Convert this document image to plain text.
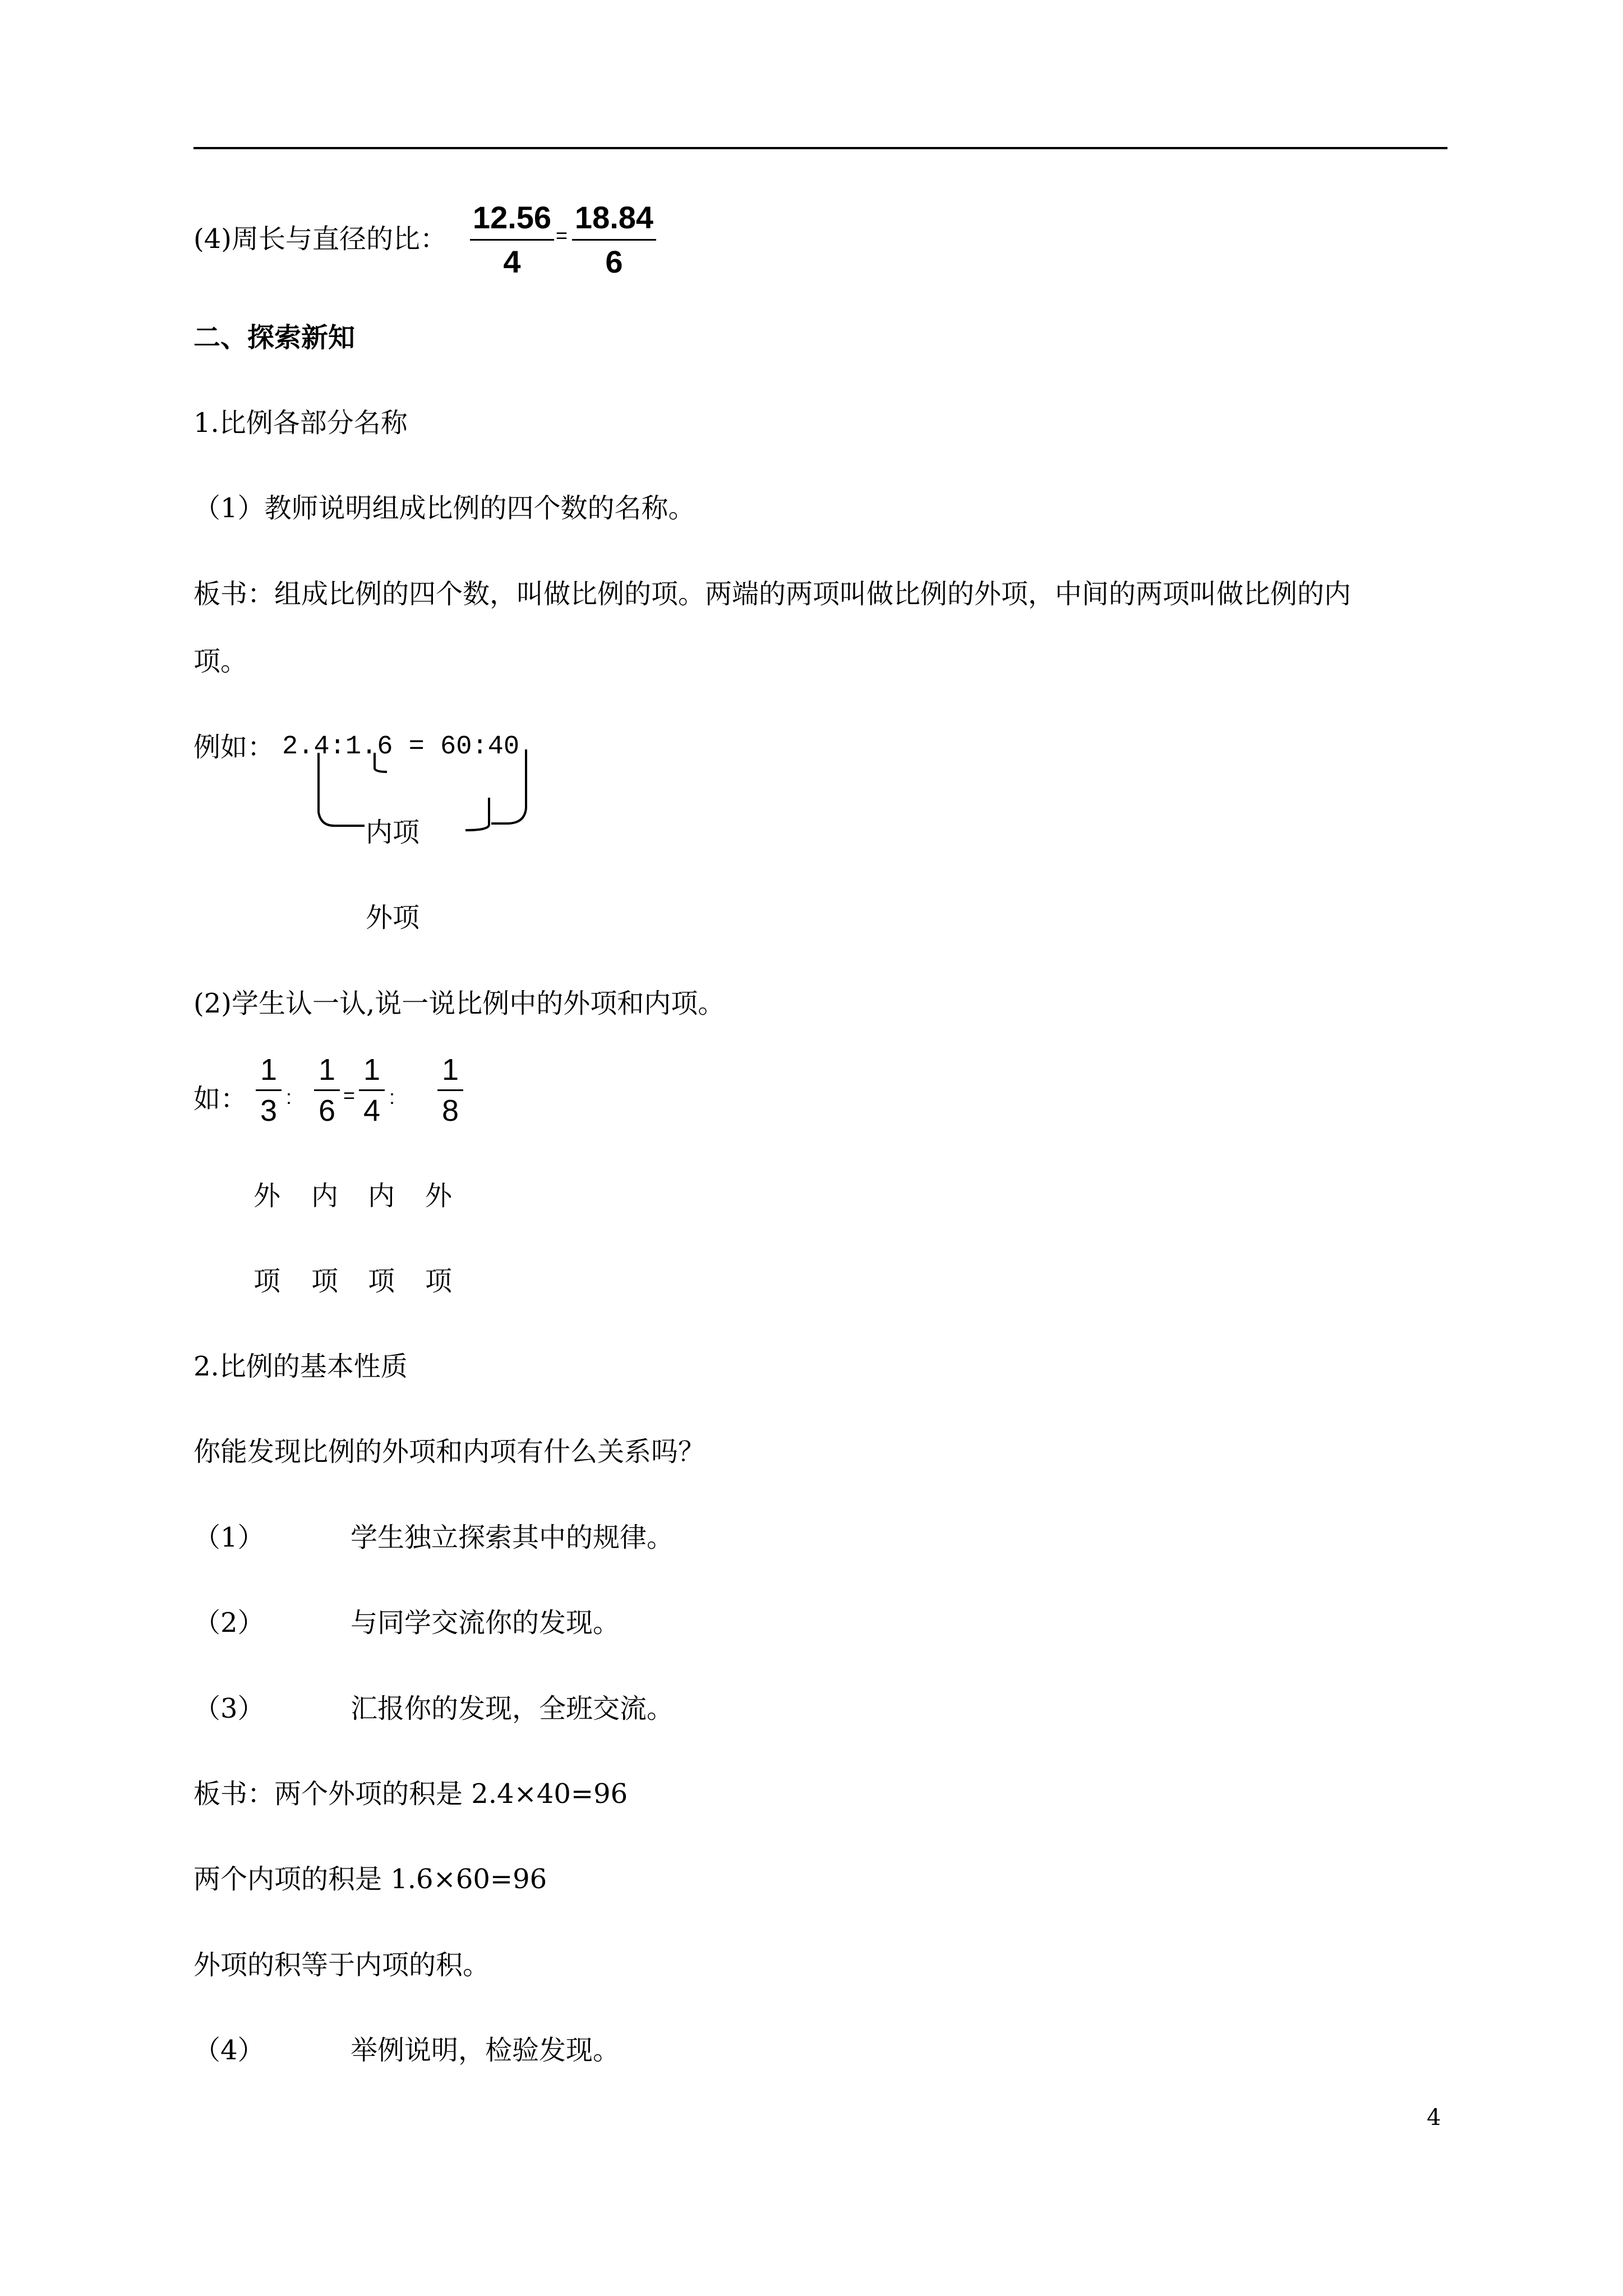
(4)周长与直径的比：
12.56
4
=
18.84
6
二、探索新知
1.比例各部分名称
（1）教师说明组成比例的四个数的名称。
板书：组成比例的四个数，叫做比例的项。两端的两项叫做比例的外项，中间的两项叫做比例的内
项。
例如： 2.4:1.6 = 60:40
内项
外项
(2)学生认一认,说一说比例中的外项和内项。
如：
1
3 :
1
6 =
1
4 :
1
8
外 内 内 外
项 项 项 项
2.比例的基本性质
你能发现比例的外项和内项有什么关系吗？
（1）	学生独立探索其中的规律。
（2）	与同学交流你的发现。
（3）	汇报你的发现，全班交流。
板书：两个外项的积是 2.4×40=96
两个内项的积是 1.6×60=96
外项的积等于内项的积。
（4）	举例说明，检验发现。
4
